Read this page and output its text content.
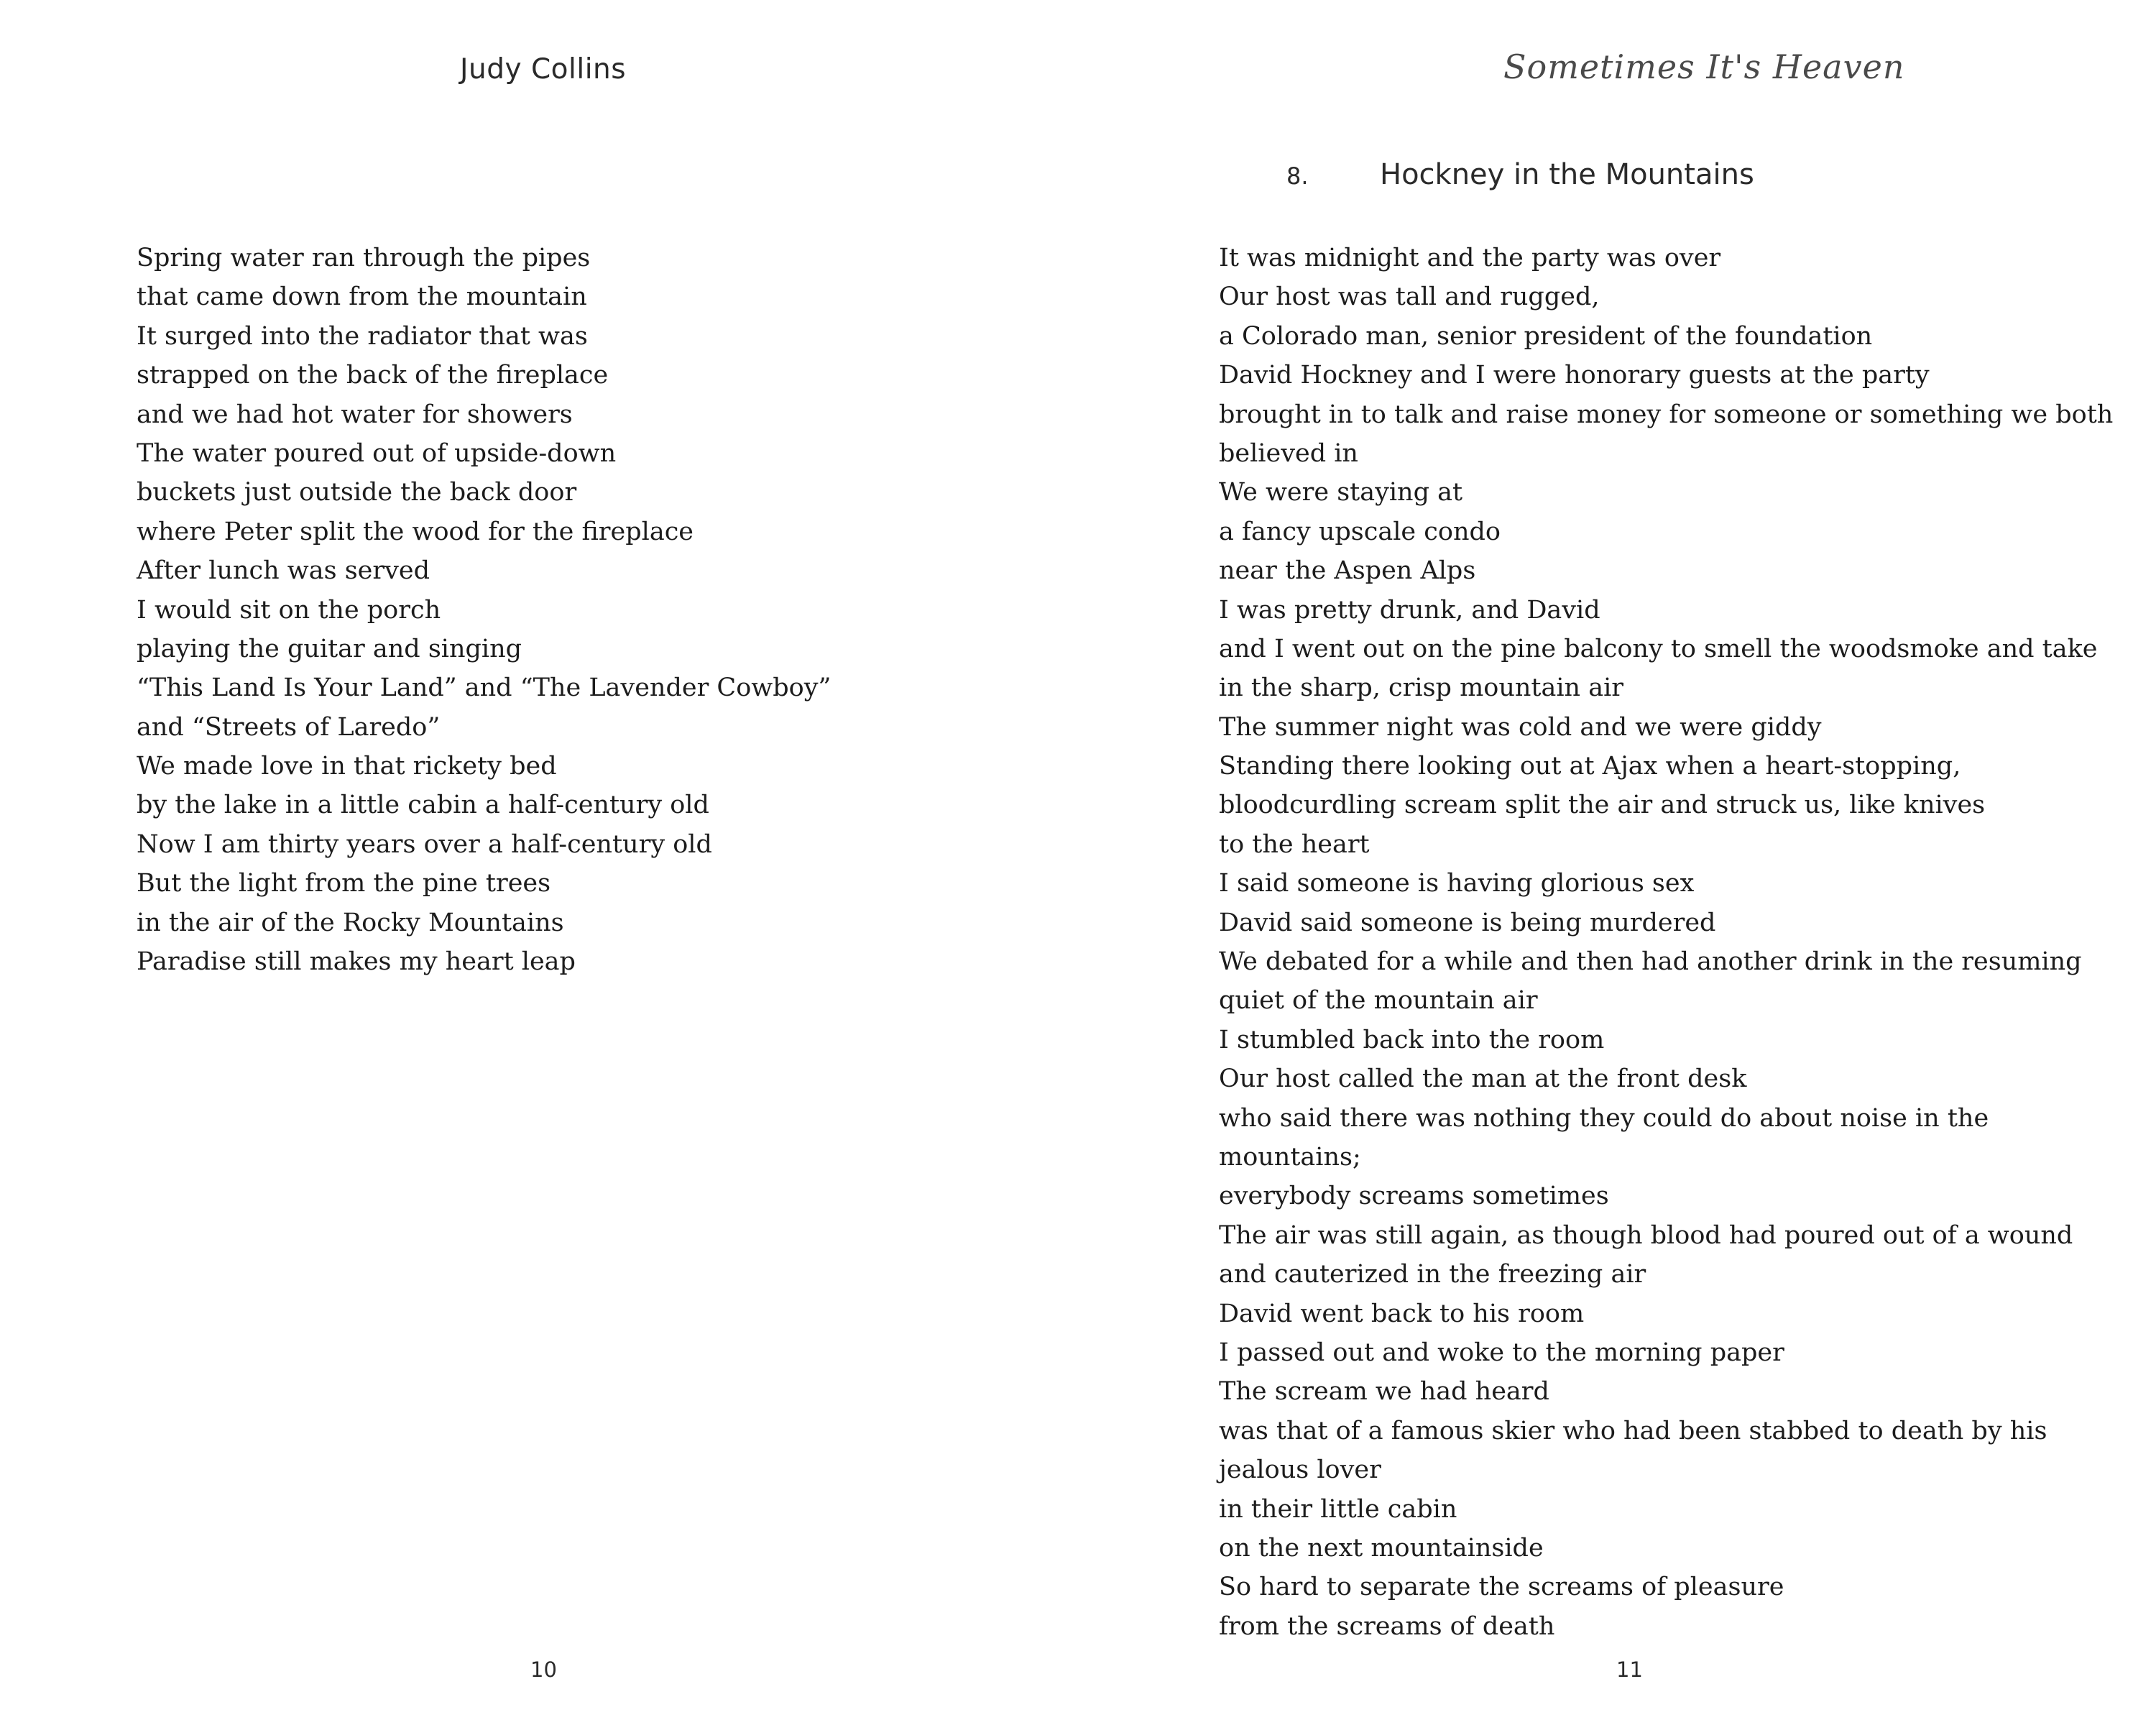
Judy Collins
Spring water ran through the pipes
that came down from the mountain
It surged into the radiator that was
strapped on the back of the fireplace
and we had hot water for showers
The water poured out of upside-down
buckets just outside the back door
where Peter split the wood for the fireplace
After lunch was served
I would sit on the porch
playing the guitar and singing
“This Land Is Your Land” and “The Lavender Cowboy”
and “Streets of Laredo”
We made love in that rickety bed
by the lake in a little cabin a half-century old
Now I am thirty years over a half-century old
But the light from the pine trees
in the air of the Rocky Mountains
Paradise still makes my heart leap
10
Sometimes It's Heaven
8. Hockney in the Mountains
It was midnight and the party was over
Our host was tall and rugged,
a Colorado man, senior president of the foundation
David Hockney and I were honorary guests at the party
brought in to talk and raise money for someone or something we both
believed in
We were staying at
a fancy upscale condo
near the Aspen Alps
I was pretty drunk, and David
and I went out on the pine balcony to smell the woodsmoke and take
in the sharp, crisp mountain air
The summer night was cold and we were giddy
Standing there looking out at Ajax when a heart-stopping,
bloodcurdling scream split the air and struck us, like knives
to the heart
I said someone is having glorious sex
David said someone is being murdered
We debated for a while and then had another drink in the resuming
quiet of the mountain air
I stumbled back into the room
Our host called the man at the front desk
who said there was nothing they could do about noise in the
mountains;
everybody screams sometimes
The air was still again, as though blood had poured out of a wound
and cauterized in the freezing air
David went back to his room
I passed out and woke to the morning paper
The scream we had heard
was that of a famous skier who had been stabbed to death by his
jealous lover
in their little cabin
on the next mountainside
So hard to separate the screams of pleasure
from the screams of death
11
